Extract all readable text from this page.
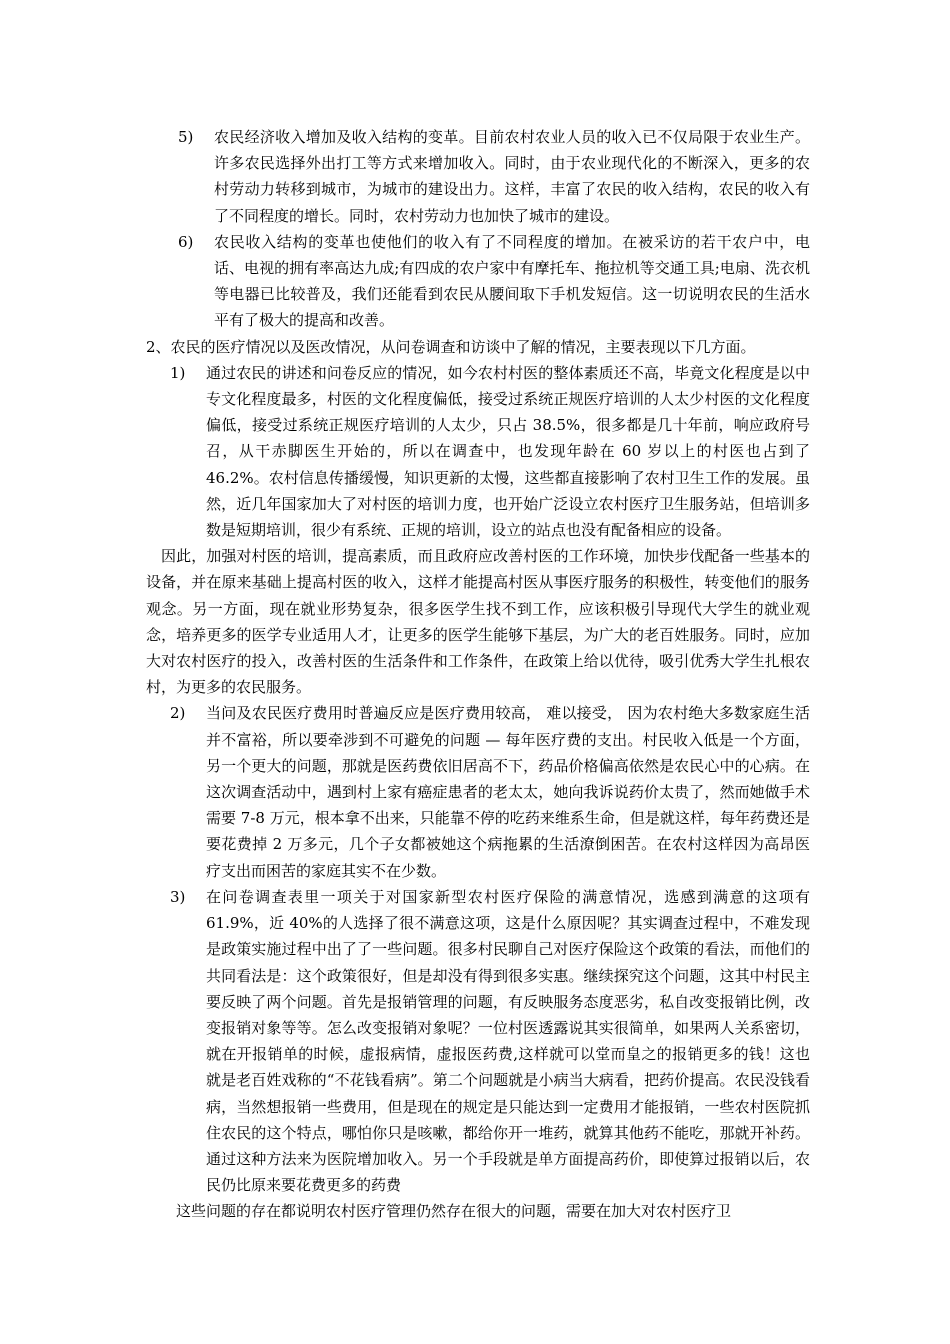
5)	农民经济收入增加及收入结构的变革。目前农村农业人员的收入已不仅局限于农业生产。许多农民选择外出打工等方式来增加收入。同时，由于农业现代化的不断深入，更多的农村劳动力转移到城市，为城市的建设出力。这样，丰富了农民的收入结构，农民的收入有了不同程度的增长。同时，农村劳动力也加快了城市的建设。
6)	农民收入结构的变革也使他们的收入有了不同程度的增加。在被采访的若干农户中，电话、电视的拥有率高达九成;有四成的农户家中有摩托车、拖拉机等交通工具;电扇、洗衣机等电器已比较普及，我们还能看到农民从腰间取下手机发短信。这一切说明农民的生活水平有了极大的提高和改善。
2、农民的医疗情况以及医改情况，从问卷调查和访谈中了解的情况，主要表现以下几方面。
1)	通过农民的讲述和问卷反应的情况，如今农村村医的整体素质还不高，毕竟文化程度是以中专文化程度最多，村医的文化程度偏低，接受过系统正规医疗培训的人太少村医的文化程度偏低，接受过系统正规医疗培训的人太少，只占 38.5%，很多都是几十年前，响应政府号召，从干赤脚医生开始的，所以在调查中，也发现年龄在 60 岁以上的村医也占到了 46.2%。农村信息传播缓慢，知识更新的太慢，这些都直接影响了农村卫生工作的发展。虽然，近几年国家加大了对村医的培训力度，也开始广泛设立农村医疗卫生服务站，但培训多数是短期培训，很少有系统、正规的培训，设立的站点也没有配备相应的设备。
因此，加强对村医的培训，提高素质，而且政府应改善村医的工作环境，加快步伐配备一些基本的设备，并在原来基础上提高村医的收入，这样才能提高村医从事医疗服务的积极性，转变他们的服务观念。另一方面，现在就业形势复杂，很多医学生找不到工作，应该积极引导现代大学生的就业观念，培养更多的医学专业适用人才，让更多的医学生能够下基层，为广大的老百姓服务。同时，应加大对农村医疗的投入，改善村医的生活条件和工作条件，在政策上给以优待，吸引优秀大学生扎根农村，为更多的农民服务。
2)	当问及农民医疗费用时普遍反应是医疗费用较高， 难以接受， 因为农村绝大多数家庭生活并不富裕，所以要牵涉到不可避免的问题 — 每年医疗费的支出。村民收入低是一个方面，另一个更大的问题，那就是医药费依旧居高不下，药品价格偏高依然是农民心中的心病。在这次调查活动中，遇到村上家有癌症患者的老太太，她向我诉说药价太贵了，然而她做手术需要 7-8 万元，根本拿不出来，只能靠不停的吃药来维系生命，但是就这样，每年药费还是要花费掉 2 万多元，几个子女都被她这个病拖累的生活潦倒困苦。在农村这样因为高昂医疗支出而困苦的家庭其实不在少数。
3)	在问卷调查表里一项关于对国家新型农村医疗保险的满意情况，选感到满意的这项有 61.9%，近 40%的人选择了很不满意这项，这是什么原因呢？其实调查过程中，不难发现是政策实施过程中出了了一些问题。很多村民聊自己对医疗保险这个政策的看法，而他们的共同看法是：这个政策很好，但是却没有得到很多实惠。继续探究这个问题，这其中村民主要反映了两个问题。首先是报销管理的问题，有反映服务态度恶劣，私自改变报销比例，改变报销对象等等。怎么改变报销对象呢？一位村医透露说其实很简单，如果两人关系密切，就在开报销单的时候，虚报病情，虚报医药费,这样就可以堂而皇之的报销更多的钱！这也就是老百姓戏称的“不花钱看病”。第二个问题就是小病当大病看，把药价提高。农民没钱看病，当然想报销一些费用，但是现在的规定是只能达到一定费用才能报销，一些农村医院抓住农民的这个特点，哪怕你只是咳嗽，都给你开一堆药，就算其他药不能吃，那就开补药。通过这种方法来为医院增加收入。另一个手段就是单方面提高药价，即使算过报销以后，农民仍比原来要花费更多的药费
这些问题的存在都说明农村医疗管理仍然存在很大的问题，需要在加大对农村医疗卫
